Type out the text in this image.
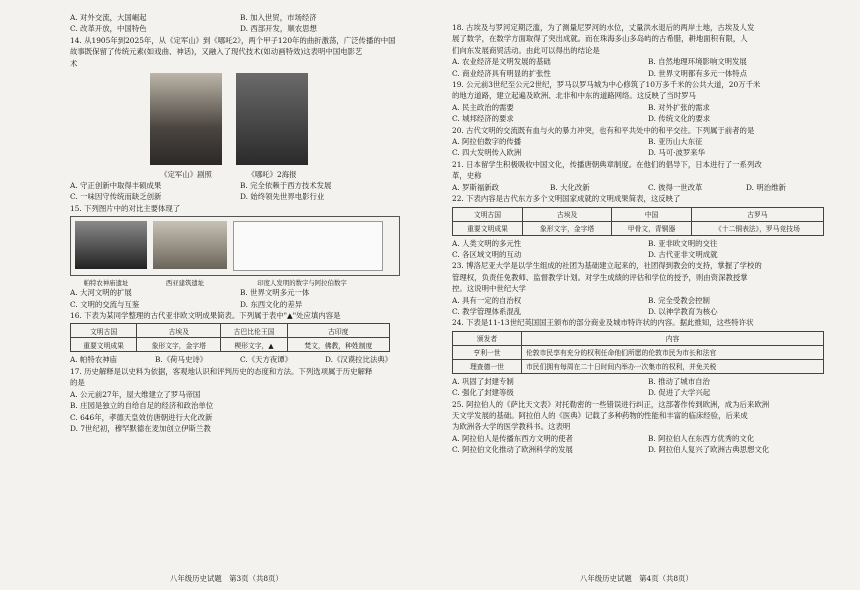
A. 对外交流，大国崛起	B. 加入世贸，市场经济
C. 改革开放，中国特色	D. 西部开发，顺农思想
14. 从1905年到2025年，从《定军山》到《哪吒2》，两个甲子120年的曲折激荡，广泛传播的中国
故事既保留了传统元素(如戏曲、神话)，又融入了现代技术(如动画特效)这表明中国电影艺
术
《定军山》剧照	《哪吒》2海报
A. 守正创新中取得丰硕成果	B. 完全依赖于西方技术发展
C. 一味因守传统而缺乏创新	D. 始终领先世界电影行业
15. 下列图片中的对比主要体现了
帕特农神庙遗址	西亚建筑遗址	印度人发明的数字与阿拉伯数字
A. 大河文明的扩展	B. 世界文明多元一体
C. 文明的交流与互鉴	D. 东西文化的差异
16. 下表为某同学整理的古代亚非欧文明成果简表。下列属于表中"▲"处应填内容是
文明古国	古埃及	古巴比伦王国	古印度
重要文明成果	象形文字，金字塔	楔形文字，▲	梵文，佛教，种姓制度
A. 帕特农神庙	B.《荷马史诗》	C.《天方夜谭》	D.《汉谟拉比法典》
17. 历史解释是以史料为依据，客观地认识和评判历史的态度和方法。下列选项属于历史解释
的是
A. 公元前27年，屋大维建立了罗马帝国
B. 庄园是独立的自给自足的经济和政治单位
C. 646年，孝德天皇效仿唐朝进行大化改新
D. 7世纪初，穆罕默德在麦加创立伊斯兰教
八年级历史试题　第3页（共8页）
18. 古埃及与罗河定期泛滥，为了测量尼罗河的水位，丈量洪水退后的两岸土地，古埃及人发
展了数学，在数学方面取得了突出成就。而在珠海多山多岛屿的古希腊，耕地面积有限，人
们向东发展商贸活动。由此可以得出的结论是
A. 农业经济是文明发展的基础	B. 自然地理环境影响文明发展
C. 商业经济具有明显的扩张性	D. 世界文明都有多元一体特点
19. 公元前3世纪至公元2世纪，罗马以罗马城为中心修筑了10万多千米的公共大道，20万千米
的地方道路，建立起遍及欧洲、北非和中东的道路网络。这反映了当时罗马
A. 民主政治的需要	B. 对外扩张的需求
C. 城邦经济的要求	D. 传统文化的要求
20. 古代文明的交流既有血与火的暴力冲突，也有和平共处中的和平交往。下列属于前者的是
A. 阿拉伯数字的传播	B. 亚历山大东征
C. 四大发明传入欧洲	D. 马可·波罗来华
21. 日本留学生积极吸收中国文化，传播唐朝典章制度。在他们的倡导下，日本进行了一系列改
革，史称
A. 罗斯福新政	B. 大化改新	C. 彼得一世改革	D. 明治维新
22. 下表内容是古代东方多个文明国家成就的文明成果简表，这反映了
文明古国	古埃及	中国	古罗马
重要文明成果	象形文字，金字塔	甲骨文，青铜器	《十二铜表法》，罗马竞技场
A. 人类文明的多元性	B. 亚非欧文明的交往
C. 各区域文明的互动	D. 古代亚非文明成就
23. 博洛尼亚大学是以学生组成的社团为基础建立起来的，社团得到教会的支持，掌握了学校的
管理权，负责任免教师、监督教学计划。对学生成绩的评估和学位的授予，则由资深教授掌
控。这说明中世纪大学
A. 具有一定的自治权	B. 完全受教会控制
C. 教学管理体系混乱	D. 以神学教育为核心
24. 下表是11-13世纪英国国王颁布的部分商业及城市特许状的内容。据此推知，这些特许状
颁发者	内容
亨利一世	伦敦市民享有充分的权利任命他们所愿的伦敦市民为市长和法官
理查德一世	市民们拥有每周在二十日时间内举办一次集市的权利，并免关税
A. 巩固了封建专制	B. 推动了城市自治
C. 强化了封建等级	D. 促进了大学兴起
25. 阿拉伯人的《萨比天文表》对托勒密的一些错误进行纠正，这部著作传到欧洲，成为后来欧洲
天文学发展的基础。阿拉伯人的《医典》记载了多种药物的性能和丰富的临床经验，后来成
为欧洲各大学的医学教科书。这表明
A. 阿拉伯人是传播东西方文明的使者	B. 阿拉伯人在东西方优秀的文化
C. 阿拉伯文化推动了欧洲科学的发展	D. 阿拉伯人复兴了欧洲古典思想文化
八年级历史试题　第4页（共8页）
